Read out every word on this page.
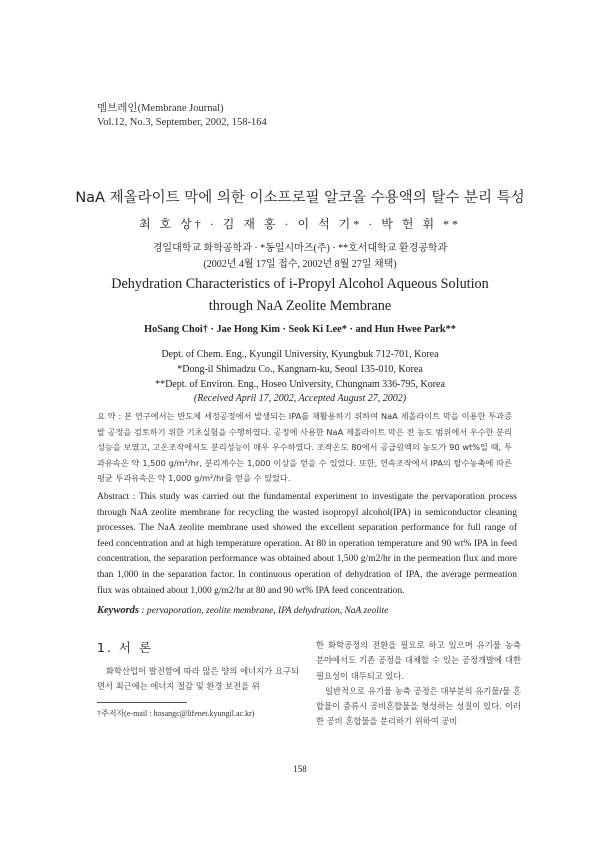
멤브레인(Membrane Journal)
Vol.12, No.3, September, 2002, 158-164
NaA 제올라이트 막에 의한 이소프로필 알코올 수용액의 탈수 분리 특성
최 호 상† · 김 재 홍 · 이 석 기* · 박 헌 휘 **
경일대학교 화학공학과 · *동일시마즈(주) · **호서대학교 환경공학과
(2002년 4월 17일 접수, 2002년 8월 27일 채택)
Dehydration Characteristics of i-Propyl Alcohol Aqueous Solution
through NaA Zeolite Membrane
HoSang Choi† · Jae Hong Kim · Seok Ki Lee* · and Hun Hwee Park**
Dept. of Chem. Eng., Kyungil University, Kyungbuk 712-701, Korea
*Dong-il Shimadzu Co., Kangnam-ku, Seoul 135-010, Korea
**Dept. of Environ. Eng., Hoseo University, Chungnam 336-795, Korea
(Received April 17, 2002, Accepted August 27, 2002)
요 약 : 본 연구에서는 반도체 세정공정에서 발생되는 IPA를 재활용하기 위하여 NaA 제올라이트 막을 이용한 투과증발 공정을 검토하기 위한 기초실험을 수행하였다. 공정에 사용한 NaA 제올라이트 막은 전 농도 범위에서 우수한 분리성능을 보였고, 고온조작에서도 분리성능이 매우 우수하였다. 조작온도 80에서 공급원액의 농도가 90 wt%일 때, 투과유속은 약 1,500 g/m²/hr, 분리계수는 1,000 이상을 얻을 수 있었다. 또한, 연속조작에서 IPA의 탈수농축에 따른 평균 투과유속은 약 1,000 g/m²/hr를 얻을 수 있었다.
Abstract : This study was carried out the fundamental experiment to investigate the pervaporation process through NaA zeolite membrane for recycling the wasted isopropyl alcohol(IPA) in semiconductor cleaning processes. The NaA zeolite membrane used showed the excellent separation performance for full range of feed concentration and at high temperature operation. At 80 in operation temperature and 90 wt% IPA in feed concentration, the separation performance was obtained about 1,500 g/m2/hr in the permeation flux and more than 1,000 in the separation factor. In continuous operation of dehydration of IPA, the average permeation flux was obtained about 1,000 g/m2/hr at 80 and 90 wt% IPA feed concentration.
Keywords : pervaporation, zeolite membrane, IPA dehydration, NaA zeolite
1. 서 론
화학산업이 발전함에 따라 많은 양의 에너지가 요구되면서 최근에는 에너지 절감 및 환경 보전을 위
†주저자(e-mail : hosangc@lifenet.kyungil.ac.kr)

한 화학공정의 전환을 필요로 하고 있으며 유기물 농축 분야에서도 기존 공정을 대체할 수 있는 공정개발에 대한 필요성이 대두되고 있다.

일반적으로 유기물 농축 공정은 대부분의 유기물/물 혼합물이 증류시 공비혼합물을 형성하는 성질이 있다. 이러한 공비 혼합물을 분리하기 위하여 공비

158
